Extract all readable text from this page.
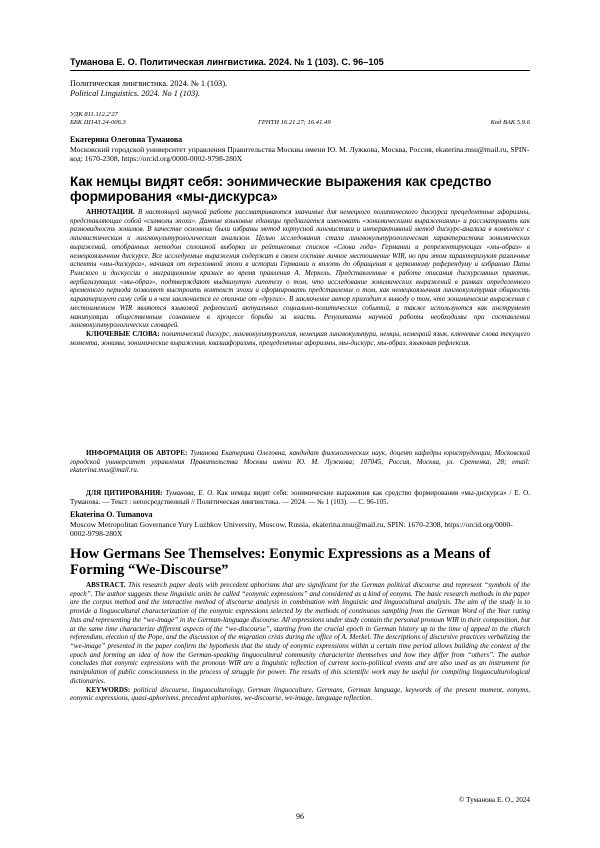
Туманова Е. О. Политическая лингвистика. 2024. № 1 (103). С. 96–105
Политическая лингвистика. 2024. № 1 (103).
Political Linguistics. 2024. No 1 (103).
УДК 811.112.2'27
ББК Ш143.24-006.3	ГРНТИ 16.21.27; 16.41.49	Код ВАК 5.9.6
Екатерина Олеговна Туманова
Московский городской университет управления Правительства Москвы имени Ю. М. Лужкова, Москва, Россия, ekaterina.msu@mail.ru, SPIN-код: 1670-2308, https://orcid.org/0000-0002-9798-280X
Как немцы видят себя: эонимические выражения как средство формирования «мы-дискурса»

АННОТАЦИЯ. В настоящей научной работе рассматриваются значимые для немецкого политического дискурса прецедентные афоризмы, представляющие собой «символы эпохи». Данные языковые единицы предлагается именовать «эонимическими выражениями» и рассматривать как разновидность эонимов. В качестве основных были избраны метод корпусной лингвистики и интерактивный метод дискурс-анализа в комплексе с лингвистическим и лингвокультурологическим анализом. Целью исследования стала лингвокультурологическая характеристика эонимических выражений, отобранных методом сплошной выборки из рейтинговых списков «Слова года» Германии и репрезентирующих «мы-образ» в немецкоязычном дискурсе. Все исследуемые выражения содержат в своем составе личное местоимение WIR, но при этом характеризуют различные аспекты «мы-дискурса», начиная от переломной эпохи в истории Германии и вплоть до обращения к церковному референдуму и избранию Папы Римского и дискуссии о миграционном кризисе во время правления А. Меркель. Представленные в работе описания дискурсивных практик, вербализующих «мы-образ», подтверждают выдвинутую гипотезу о том, что исследование эонимических выражений в рамках определенного временного периода позволяет выстроить контекст эпохи и сформировать представление о том, как немецкоязычная лингвокультурная общность характеризует саму себя и в чем заключается ее отличие от «других». В заключение автор приходит к выводу о том, что эонимические выражения с местоимением WIR являются языковой рефлексией актуальных социально-политических событий, а также используются как инструмент манипуляции общественным сознанием в процессе борьбы за власть. Результаты научной работы необходимы при составлении лингвокультурологических словарей.

КЛЮЧЕВЫЕ СЛОВА: политический дискурс, лингвокультурология, немецкая лингвокультура, немцы, немецкий язык, ключевые слова текущего момента, эонимы, эонимические выражения, квазиафоризмы, прецедентные афоризмы, мы-дискурс, мы-образ, языковая рефлексия.

ИНФОРМАЦИЯ ОБ АВТОРЕ: Туманова Екатерина Олеговна, кандидат филологических наук, доцент кафедры юриспруденции, Московский городской университет управления Правительства Москвы имени Ю. М. Лужкова; 107045, Россия, Москва, ул. Сретенка, 28; email: ekaterina.msu@mail.ru.

ДЛЯ ЦИТИРОВАНИЯ: Туманова, Е. О. Как немцы видят себя: эонимические выражения как средство формирования «мы-дискурса» / Е. О. Туманова. — Текст : непосредственный // Политическая лингвистика. — 2024. — № 1 (103). — С. 96-105.

Ekaterina O. Tumanova
Moscow Metropolitan Governance Yury Luzhkov University, Moscow, Russia, ekaterina.msu@mail.ru, SPIN: 1670-2308, https://orcid.org/0000-0002-9798-280X
How Germans See Themselves: Eonymic Expressions as a Means of Forming “We-Discourse”

ABSTRACT. This research paper deals with precedent aphorisms that are significant for the German political discourse and represent “symbols of the epoch”. The author suggests these linguistic units be called “eonymic expressions” and considered as a kind of eonyms. The basic research methods in the paper are the corpus method and the interactive method of discourse analysis in combination with linguistic and linguocultural analysis. The aim of the study is to provide a linguocultural characterization of the eonymic expressions selected by the methods of continuous sampling from the German Word of the Year rating lists and representing the “we-image” in the German-language discourse. All expressions under study contain the personal pronoun WIR in their composition, but at the same time characterize different aspects of the “we-discourse”, starting from the crucial epoch in German history up to the time of appeal to the church referendum, election of the Pope, and the discussion of the migration crisis during the office of A. Merkel. The descriptions of discursive practices verbalizing the “we-image” presented in the paper confirm the hypothesis that the study of eonymic expressions within a certain time period allows building the context of the epoch and forming an idea of how the German-speaking linguocultural community characterize themselves and how they differ from “others”. The author concludes that eonymic expressions with the pronoun WIR are a linguistic reflection of current socio-political events and are also used as an instrument for manipulation of public consciousness in the process of struggle for power. The results of this scientific work may be useful for compiling linguoculturological dictionaries.

KEYWORDS: political discourse, linguoculturology, German linguoculture, Germans, German language, keywords of the present moment, eonyms, eonymic expressions, quasi-aphorisms, precedent aphorisms, we-discourse, we-image, language reflection.

© Туманова Е. О., 2024
96
